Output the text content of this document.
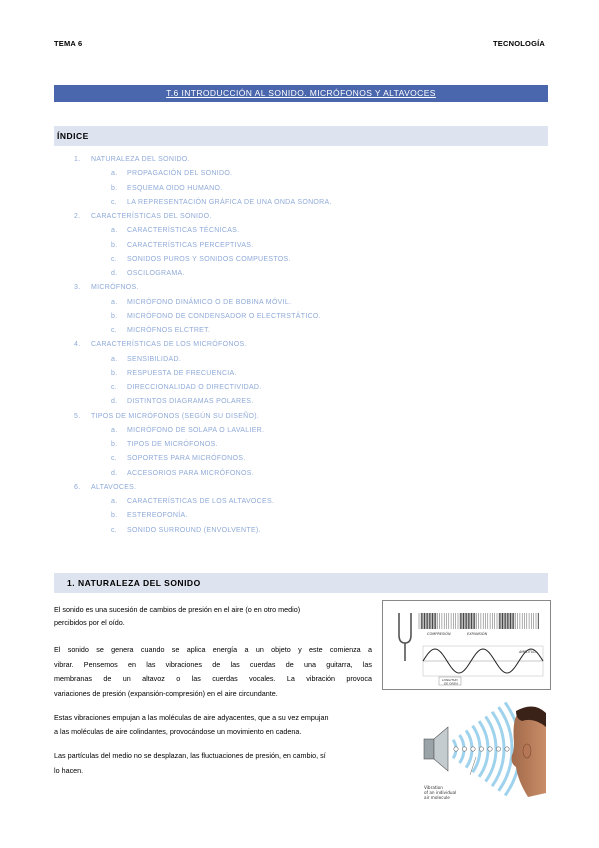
TEMA 6	TECNOLOGÍA
T.6 INTRODUCCIÓN AL SONIDO. MICRÓFONOS Y ALTAVOCES
ÍNDICE
1. NATURALEZA DEL SONIDO.
a. PROPAGACIÓN DEL SONIDO.
b. ESQUEMA OIDO HUMANO.
c. LA REPRESENTACIÓN GRÁFICA DE UNA ONDA SONORA.
2. CARACTERÍSTICAS DEL SONIDO.
a. CARACTERÍSTICAS TÉCNICAS.
b. CARACTERÍSTICAS PERCEPTIVAS.
c. SONIDOS PUROS Y SONIDOS COMPUESTOS.
d. OSCILOGRAMA.
3. MICRÓFNOS.
a. MICRÓFONO DINÁMICO O DE BOBINA MÓVIL.
b. MICRÓFONO DE CONDENSADOR O ELECTRSTÁTICO.
c. MICRÓFNOS ELCTRET.
4. CARACTERÍSTICAS DE LOS MICRÓFONOS.
a. SENSIBILIDAD.
b. RESPUESTA DE FRECUENCIA.
c. DIRECCIONALIDAD O DIRECTIVIDAD.
d. DISTINTOS DIAGRAMAS POLARES.
5. TIPOS DE MICRÓFONOS (SEGÚN SU DISEÑO).
a. MICRÓFONO DE SOLAPA O LAVALIER.
b. TIPOS DE MICRÓFONOS.
c. SOPORTES PARA MICRÓFONOS.
d. ACCESORIOS PARA MICRÓFONOS.
6. ALTAVOCES.
a. CARACTERÍSTICAS DE LOS ALTAVOCES.
b. ESTEREOFONÍA.
c. SONIDO SURROUND (ENVOLVENTE).
1. NATURALEZA DEL SONIDO
El sonido es una sucesión de cambios de presión en el aire (o en otro medio)
percibidos por el oído.
El sonido se genera cuando se aplica energía a un objeto y este comienza a
vibrar. Pensemos en las vibraciones de las cuerdas de una guitarra, las
membranas de un altavoz o las cuerdas vocales. La vibración provoca
variaciones de presión (expansión-compresión) en el aire circundante.
Estas vibraciones empujan a las moléculas de aire adyacentes, que a su vez empujan
a las moléculas de aire colindantes, provocándose un movimiento en cadena.
Las partículas del medio no se desplazan, las fluctuaciones de presión, en cambio, sí
lo hacen.
COMPRESIÓN	EXPANSIÓN
AMPLITUD
LONGITUD
DE ONDA
Vibration
of an individual
air molecule
